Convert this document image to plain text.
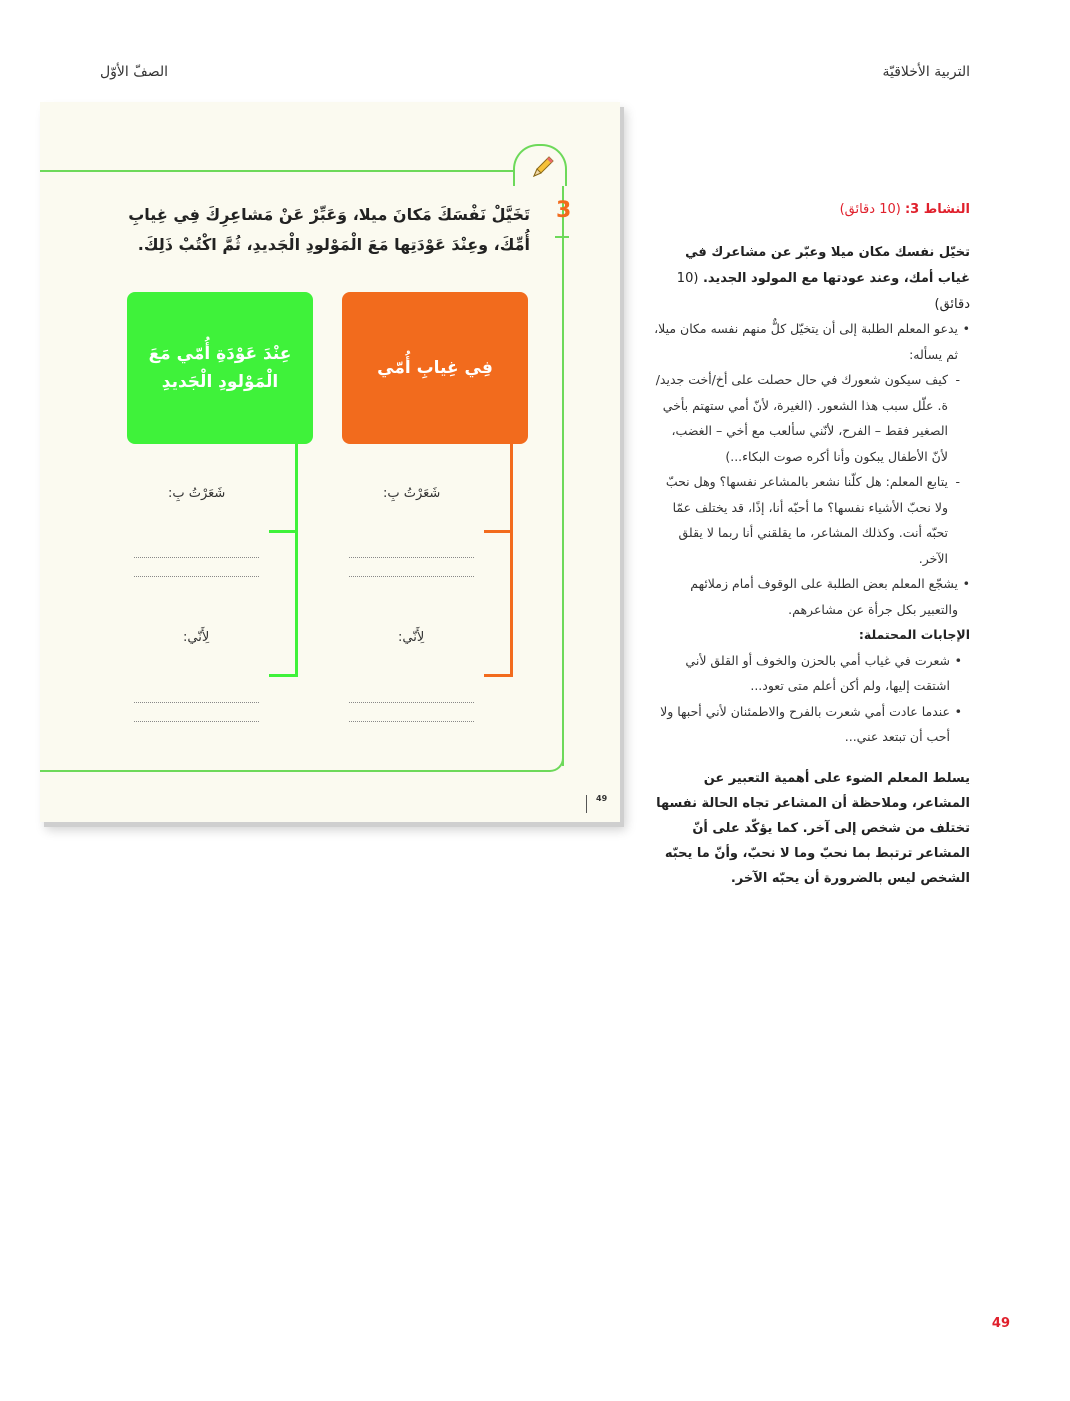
التربية الأخلاقيّة
الصفّ الأوّل
3
تَخَيَّلْ نَفْسَكَ مَكانَ ميلا، وَعَبِّرْ عَنْ مَشاعِرِكَ فِي غِيابِ أُمِّكَ، وعِنْدَ عَوْدَتِها مَعَ الْمَوْلودِ الْجَديدِ، ثُمَّ اكْتُبْ ذَلِكَ.
فِي غِيابِ أُمّي
عِنْدَ عَوْدَةِ أُمّي مَعَ الْمَوْلودِ الْجَديدِ
شَعَرْتُ بِ:
شَعَرْتُ بِ:
لِأَنّي:
لِأَنّي:
49
النشاط 3: (10 دقائق)
تخيّل نفسك مكان ميلا وعبّر عن مشاعرك في غياب أمك، وعند عودتها مع المولود الجديد. (10 دقائق)

• يدعو المعلم الطلبة إلى أن يتخيّل كلٌّ منهم نفسه مكان ميلا، ثم يسأله:

- كيف سيكون شعورك في حال حصلت على أخ/أخت جديد/ة. علّل سبب هذا الشعور. (الغيرة، لأنّ أمي ستهتم بأخي الصغير فقط – الفرح، لأنّني سألعب مع أخي – الغضب، لأنّ الأطفال يبكون وأنا أكره صوت البكاء...)

- يتابع المعلم: هل كلّنا نشعر بالمشاعر نفسها؟ وهل نحبّ ولا نحبّ الأشياء نفسها؟ ما أحبّه أنا، إذًا، قد يختلف عمّا تحبّه أنت. وكذلك المشاعر، ما يقلقني أنا ربما لا يقلق الآخر.

• يشجّع المعلم بعض الطلبة على الوقوف أمام زملائهم والتعبير بكل جرأة عن مشاعرهم.

الإجابات المحتملة:

• شعرت في غياب أمي بالحزن والخوف أو القلق لأني اشتقت إليها، ولم أكن أعلم متى تعود...

• عندما عادت أمي شعرت بالفرح والاطمئنان لأني أحبها ولا أحب أن تبتعد عني...

يسلط المعلم الضوء على أهمية التعبير عن المشاعر، وملاحظة أن المشاعر تجاه الحالة نفسها تختلف من شخص إلى آخر. كما يؤكّد على أنّ المشاعر ترتبط بما نحبّ وما لا نحبّ، وأنّ ما يحبّه الشخص ليس بالضرورة أن يحبّه الآخر.
49
